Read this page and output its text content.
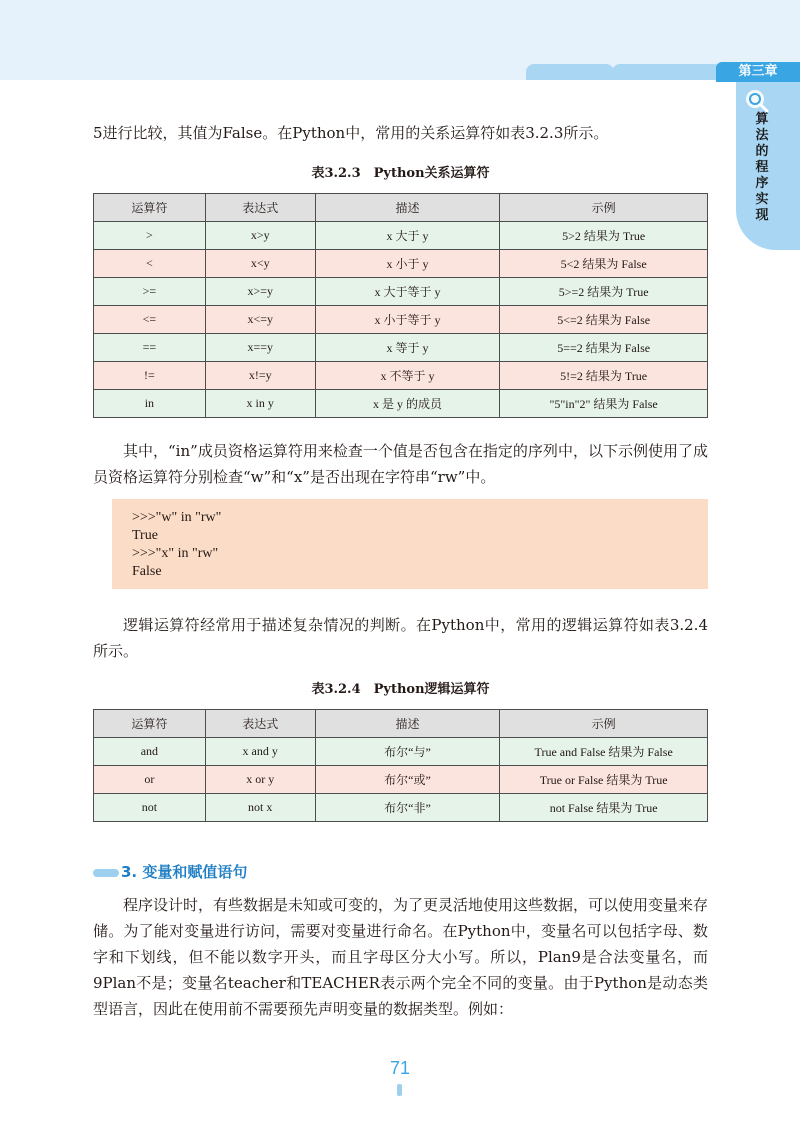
第三章
算
法
的
程
序
实
现

5进行比较，其值为False。在Python中，常用的关系运算符如表3.2.3所示。

表3.2.3　Python关系运算符

运算符	表达式	描述	示例
>	x>y	x 大于 y	5>2 结果为 True
<	x<y	x 小于 y	5<2 结果为 False
>=	x>=y	x 大于等于 y	5>=2 结果为 True
<=	x<=y	x 小于等于 y	5<=2 结果为 False
==	x==y	x 等于 y	5==2 结果为 False
!=	x!=y	x 不等于 y	5!=2 结果为 True
in	x in y	x 是 y 的成员	"5"in"2" 结果为 False

其中，“in”成员资格运算符用来检查一个值是否包含在指定的序列中，以下示例使用了成员资格运算符分别检查“w”和“x”是否出现在字符串“rw”中。

>>>"w" in "rw"
True
>>>"x" in "rw"
False

逻辑运算符经常用于描述复杂情况的判断。在Python中，常用的逻辑运算符如表3.2.4所示。

表3.2.4　Python逻辑运算符

运算符	表达式	描述	示例
and	x and y	布尔“与”	True and False 结果为 False
or	x or y	布尔“或”	True or False 结果为 True
not	not x	布尔“非”	not False 结果为 True
3. 变量和赋值语句

程序设计时，有些数据是未知或可变的，为了更灵活地使用这些数据，可以使用变量来存储。为了能对变量进行访问，需要对变量进行命名。在Python中，变量名可以包括字母、数字和下划线，但不能以数字开头，而且字母区分大小写。所以，Plan9是合法变量名，而9Plan不是；变量名teacher和TEACHER表示两个完全不同的变量。由于Python是动态类型语言，因此在使用前不需要预先声明变量的数据类型。例如：

71
